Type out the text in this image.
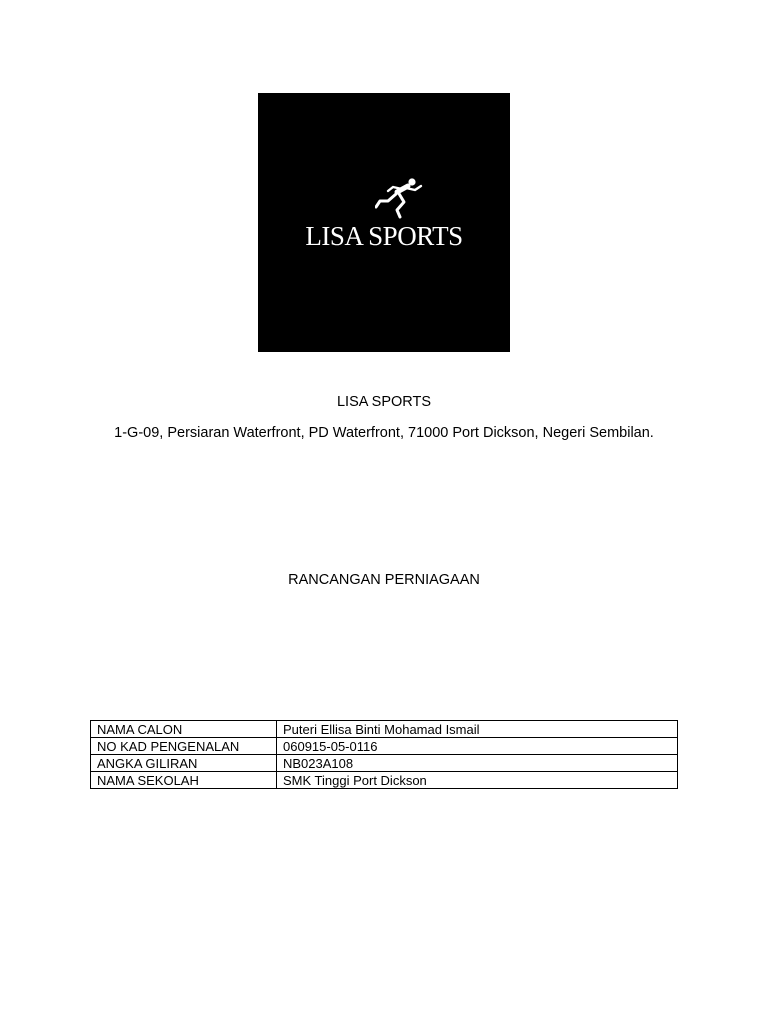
LISA SPORTS
LISA SPORTS
1-G-09, Persiaran Waterfront, PD Waterfront, 71000 Port Dickson, Negeri Sembilan.
RANCANGAN PERNIAGAAN
NAMA CALON	Puteri Ellisa Binti Mohamad Ismail
NO KAD PENGENALAN	060915-05-0116
ANGKA GILIRAN	NB023A108
NAMA SEKOLAH	SMK Tinggi Port Dickson
